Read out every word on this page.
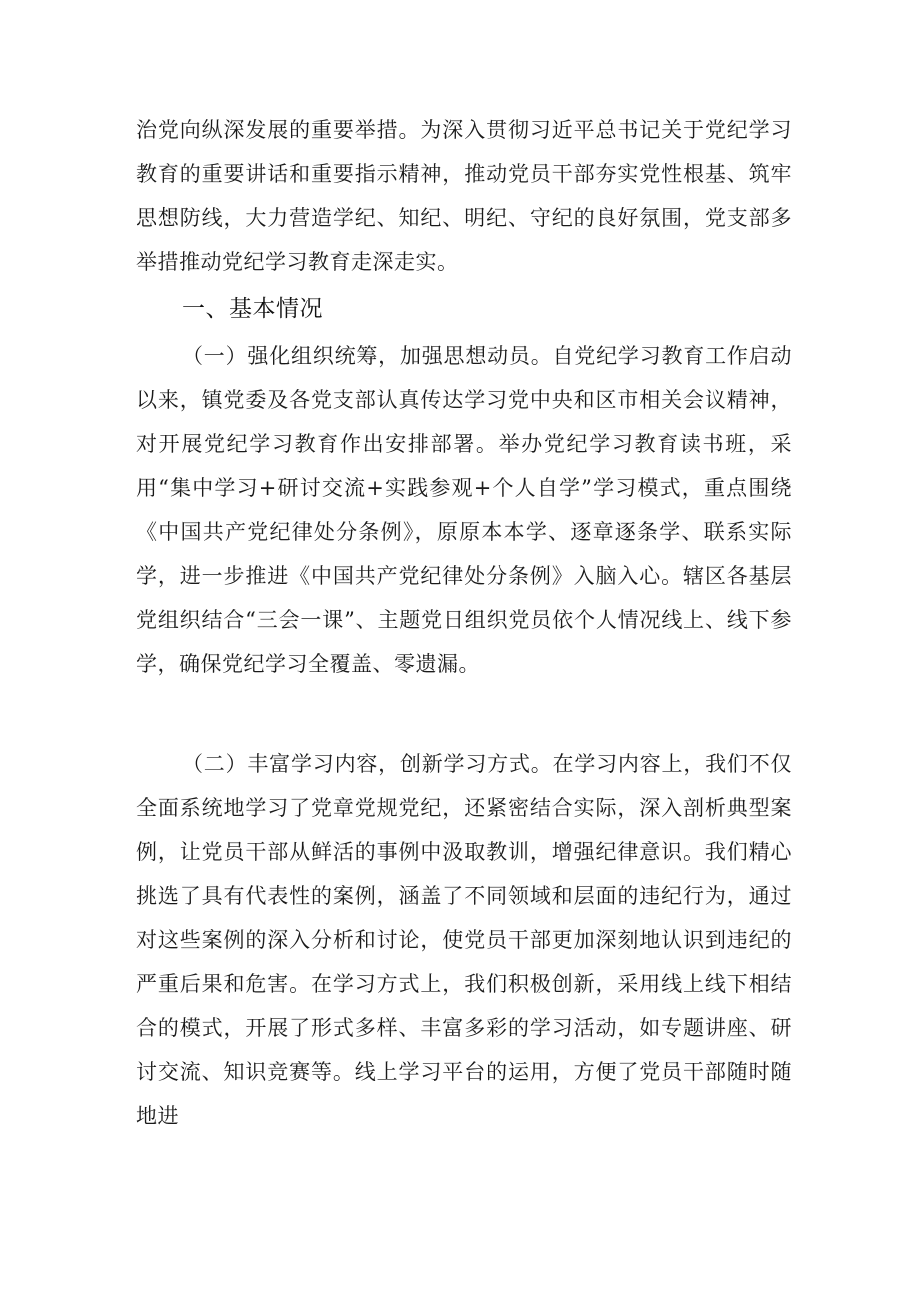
治党向纵深发展的重要举措。为深入贯彻习近平总书记关于党纪学习教育的重要讲话和重要指示精神，推动党员干部夯实党性根基、筑牢思想防线，大力营造学纪、知纪、明纪、守纪的良好氛围，党支部多举措推动党纪学习教育走深走实。

一、基本情况

（一）强化组织统筹，加强思想动员。自党纪学习教育工作启动以来，镇党委及各党支部认真传达学习党中央和区市相关会议精神，对开展党纪学习教育作出安排部署。举办党纪学习教育读书班，采用“集中学习+研讨交流+实践参观+个人自学”学习模式，重点围绕《中国共产党纪律处分条例》，原原本本学、逐章逐条学、联系实际学，进一步推进《中国共产党纪律处分条例》入脑入心。辖区各基层党组织结合“三会一课”、主题党日组织党员依个人情况线上、线下参学，确保党纪学习全覆盖、零遗漏。

（二）丰富学习内容，创新学习方式。在学习内容上，我们不仅全面系统地学习了党章党规党纪，还紧密结合实际，深入剖析典型案例，让党员干部从鲜活的事例中汲取教训，增强纪律意识。我们精心挑选了具有代表性的案例，涵盖了不同领域和层面的违纪行为，通过对这些案例的深入分析和讨论，使党员干部更加深刻地认识到违纪的严重后果和危害。在学习方式上，我们积极创新，采用线上线下相结合的模式，开展了形式多样、丰富多彩的学习活动，如专题讲座、研讨交流、知识竞赛等。线上学习平台的运用，方便了党员干部随时随地进
